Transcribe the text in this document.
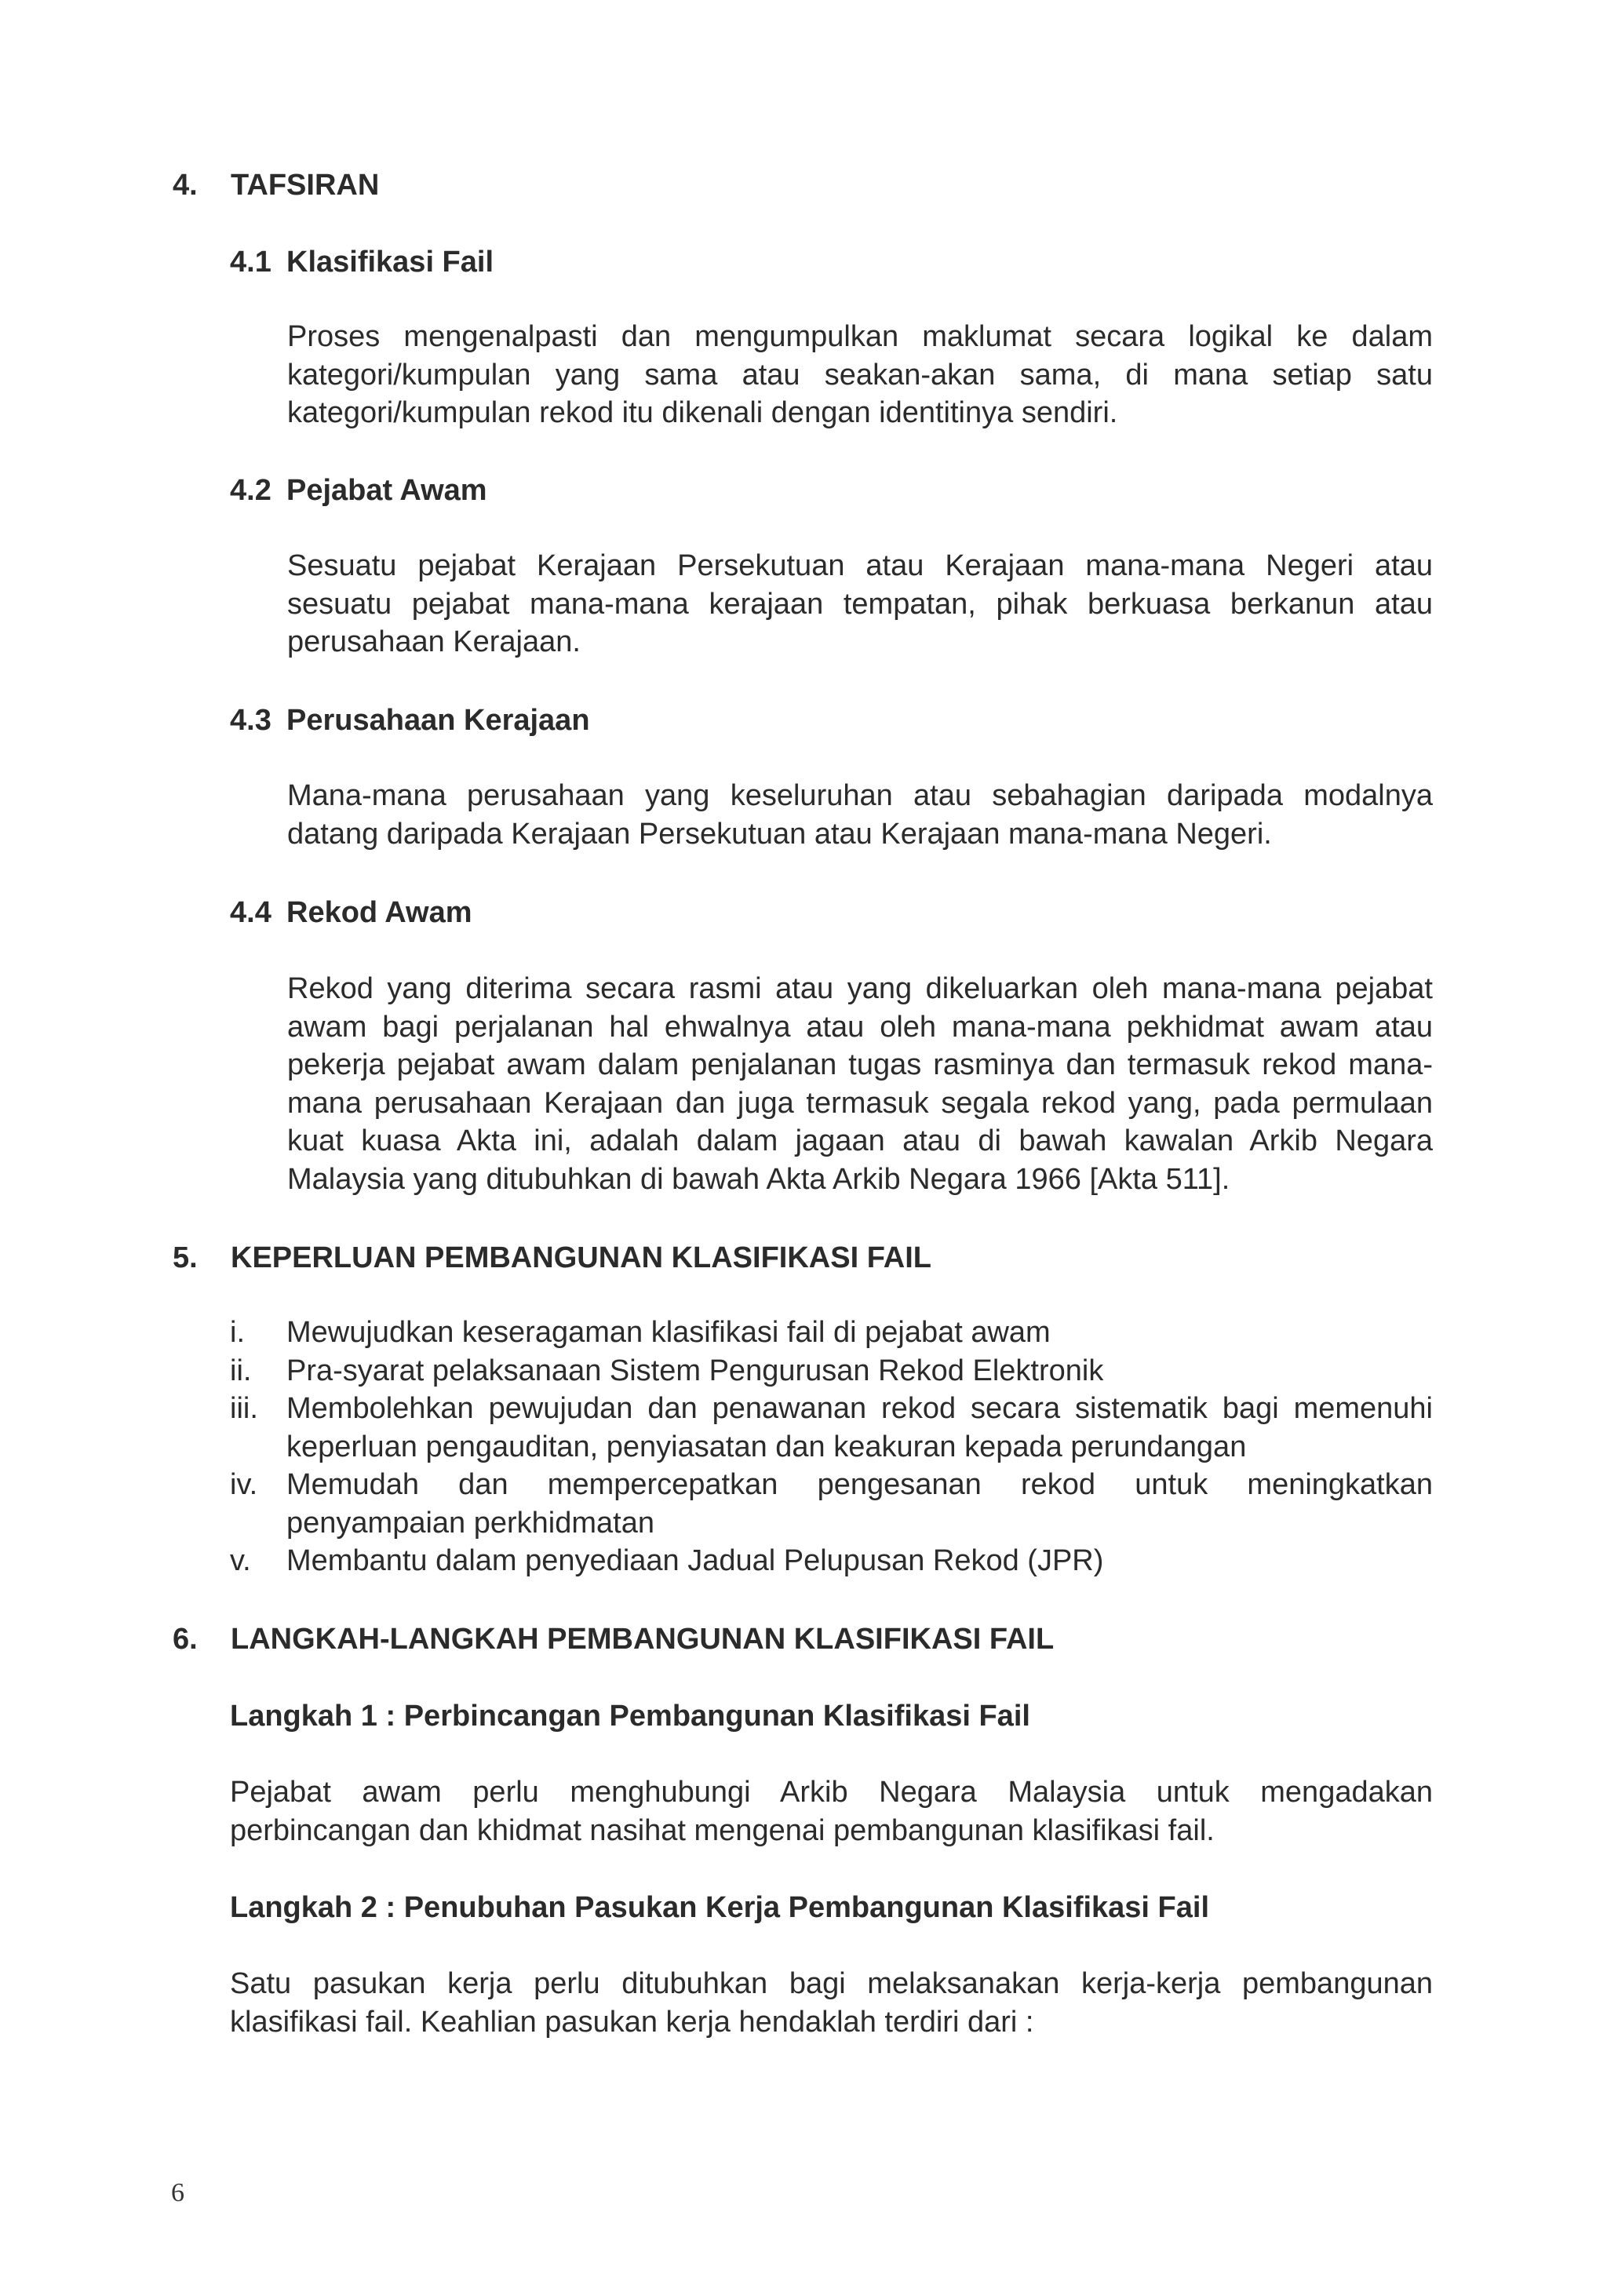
4. TAFSIRAN
4.1 Klasifikasi Fail

Proses mengenalpasti dan mengumpulkan maklumat secara logikal ke dalam kategori/kumpulan yang sama atau seakan-akan sama, di mana setiap satu kategori/kumpulan rekod itu dikenali dengan identitinya sendiri.

4.2 Pejabat Awam

Sesuatu pejabat Kerajaan Persekutuan atau Kerajaan mana-mana Negeri atau sesuatu pejabat mana-mana kerajaan tempatan, pihak berkuasa berkanun atau perusahaan Kerajaan.

4.3 Perusahaan Kerajaan

Mana-mana perusahaan yang keseluruhan atau sebahagian daripada modalnya datang daripada Kerajaan Persekutuan atau Kerajaan mana-mana Negeri.

4.4 Rekod Awam

Rekod yang diterima secara rasmi atau yang dikeluarkan oleh mana-mana pejabat awam bagi perjalanan hal ehwalnya atau oleh mana-mana pekhidmat awam atau pekerja pejabat awam dalam penjalanan tugas rasminya dan termasuk rekod mana-mana perusahaan Kerajaan dan juga termasuk segala rekod yang, pada permulaan kuat kuasa Akta ini, adalah dalam jagaan atau di bawah kawalan Arkib Negara Malaysia yang ditubuhkan di bawah Akta Arkib Negara 1966 [Akta 511].

5. KEPERLUAN PEMBANGUNAN KLASIFIKASI FAIL
i. Mewujudkan keseragaman klasifikasi fail di pejabat awam
ii. Pra-syarat pelaksanaan Sistem Pengurusan Rekod Elektronik
iii. Membolehkan pewujudan dan penawanan rekod secara sistematik bagi memenuhi keperluan pengauditan, penyiasatan dan keakuran kepada perundangan
iv. Memudah dan mempercepatkan pengesanan rekod untuk meningkatkan penyampaian perkhidmatan
v. Membantu dalam penyediaan Jadual Pelupusan Rekod (JPR)
6. LANGKAH-LANGKAH PEMBANGUNAN KLASIFIKASI FAIL
Langkah 1 : Perbincangan Pembangunan Klasifikasi Fail

Pejabat awam perlu menghubungi Arkib Negara Malaysia untuk mengadakan perbincangan dan khidmat nasihat mengenai pembangunan klasifikasi fail.

Langkah 2 : Penubuhan Pasukan Kerja Pembangunan Klasifikasi Fail

Satu pasukan kerja perlu ditubuhkan bagi melaksanakan kerja-kerja pembangunan klasifikasi fail. Keahlian pasukan kerja hendaklah terdiri dari :

6
